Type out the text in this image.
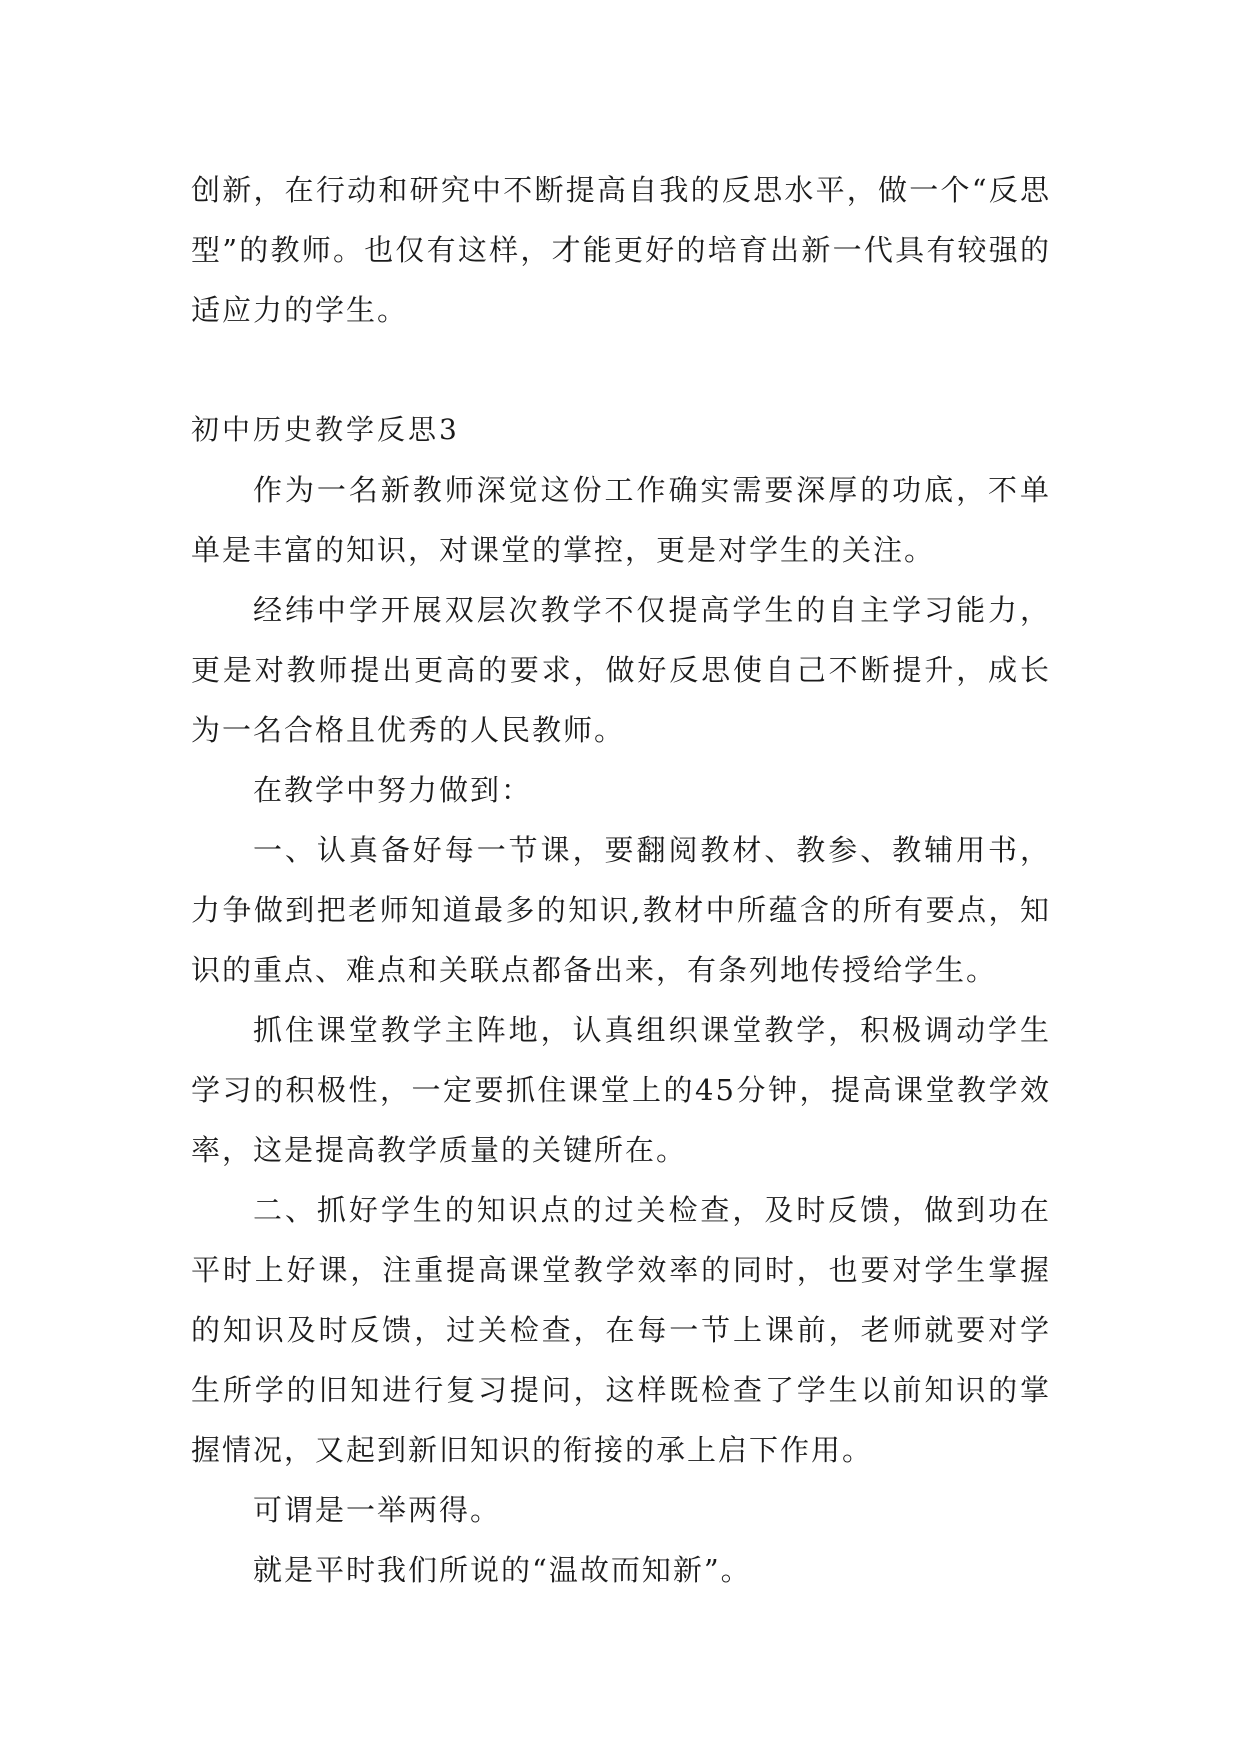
创新，在行动和研究中不断提高自我的反思水平，做一个“反思型”的教师。也仅有这样，才能更好的培育出新一代具有较强的适应力的学生。

初中历史教学反思3

作为一名新教师深觉这份工作确实需要深厚的功底，不单单是丰富的知识，对课堂的掌控，更是对学生的关注。

经纬中学开展双层次教学不仅提高学生的自主学习能力，更是对教师提出更高的要求，做好反思使自己不断提升，成长为一名合格且优秀的人民教师。

在教学中努力做到：

一、认真备好每一节课，要翻阅教材、教参、教辅用书，力争做到把老师知道最多的知识,教材中所蕴含的所有要点，知识的重点、难点和关联点都备出来，有条列地传授给学生。

抓住课堂教学主阵地，认真组织课堂教学，积极调动学生学习的积极性，一定要抓住课堂上的45分钟，提高课堂教学效率，这是提高教学质量的关键所在。

二、抓好学生的知识点的过关检查，及时反馈，做到功在平时上好课，注重提高课堂教学效率的同时，也要对学生掌握的知识及时反馈，过关检查，在每一节上课前，老师就要对学生所学的旧知进行复习提问，这样既检查了学生以前知识的掌握情况，又起到新旧知识的衔接的承上启下作用。

可谓是一举两得。

就是平时我们所说的“温故而知新”。
